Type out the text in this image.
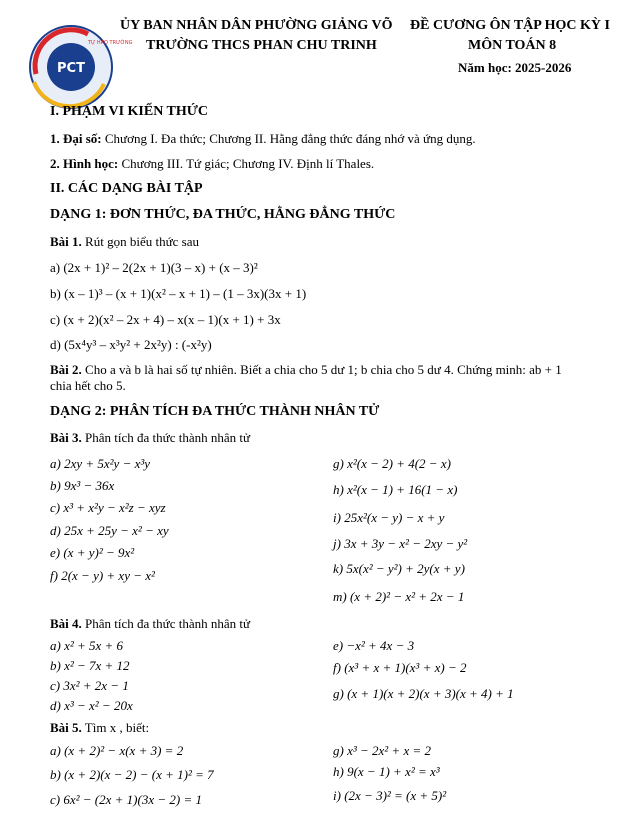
PCT
TỰ HÀO TRƯỜNG
ỦY BAN NHÂN DÂN PHƯỜNG GIẢNG VÕ
TRƯỜNG THCS PHAN CHU TRINH
ĐỀ CƯƠNG ÔN TẬP HỌC KỲ I
MÔN TOÁN 8
Năm học: 2025-2026
I. PHẠM VI KIẾN THỨC
1. Đại số: Chương I. Đa thức; Chương II. Hằng đẳng thức đáng nhớ và ứng dụng.
2. Hình học: Chương III. Tứ giác; Chương IV. Định lí Thales.
II. CÁC DẠNG BÀI TẬP
DẠNG 1: ĐƠN THỨC, ĐA THỨC, HẰNG ĐẲNG THỨC
Bài 1. Rút gọn biểu thức sau
a) (2x + 1)² – 2(2x + 1)(3 – x) + (x – 3)²
b) (x – 1)³ – (x + 1)(x² – x + 1) – (1 – 3x)(3x + 1)
c) (x + 2)(x² – 2x + 4) – x(x – 1)(x + 1) + 3x
d) (5x⁴y³ – x³y² + 2x²y) : (-x²y)
Bài 2. Cho a và b là hai số tự nhiên. Biết a chia cho 5 dư 1; b chia cho 5 dư 4. Chứng minh: ab + 1
chia hết cho 5.
DẠNG 2: PHÂN TÍCH ĐA THỨC THÀNH NHÂN TỬ
Bài 3. Phân tích đa thức thành nhân tử
a) 2xy + 5x²y − x³y
b) 9x³ − 36x
c) x³ + x²y − x²z − xyz
d) 25x + 25y − x² − xy
e) (x + y)² − 9x²
f) 2(x − y) + xy − x²
g) x²(x − 2) + 4(2 − x)
h) x²(x − 1) + 16(1 − x)
i) 25x²(x − y) − x + y
j) 3x + 3y − x² − 2xy − y²
k) 5x(x² − y²) + 2y(x + y)
m) (x + 2)² − x² + 2x − 1
Bài 4. Phân tích đa thức thành nhân tử
a) x² + 5x + 6
b) x² − 7x + 12
c) 3x² + 2x − 1
d) x³ − x² − 20x
e) −x² + 4x − 3
f) (x³ + x + 1)(x³ + x) − 2
g) (x + 1)(x + 2)(x + 3)(x + 4) + 1
Bài 5. Tìm x , biết:
a) (x + 2)² − x(x + 3) = 2
b) (x + 2)(x − 2) − (x + 1)² = 7
c) 6x² − (2x + 1)(3x − 2) = 1
g) x³ − 2x² + x = 2
h) 9(x − 1) + x² = x³
i) (2x − 3)² = (x + 5)²
